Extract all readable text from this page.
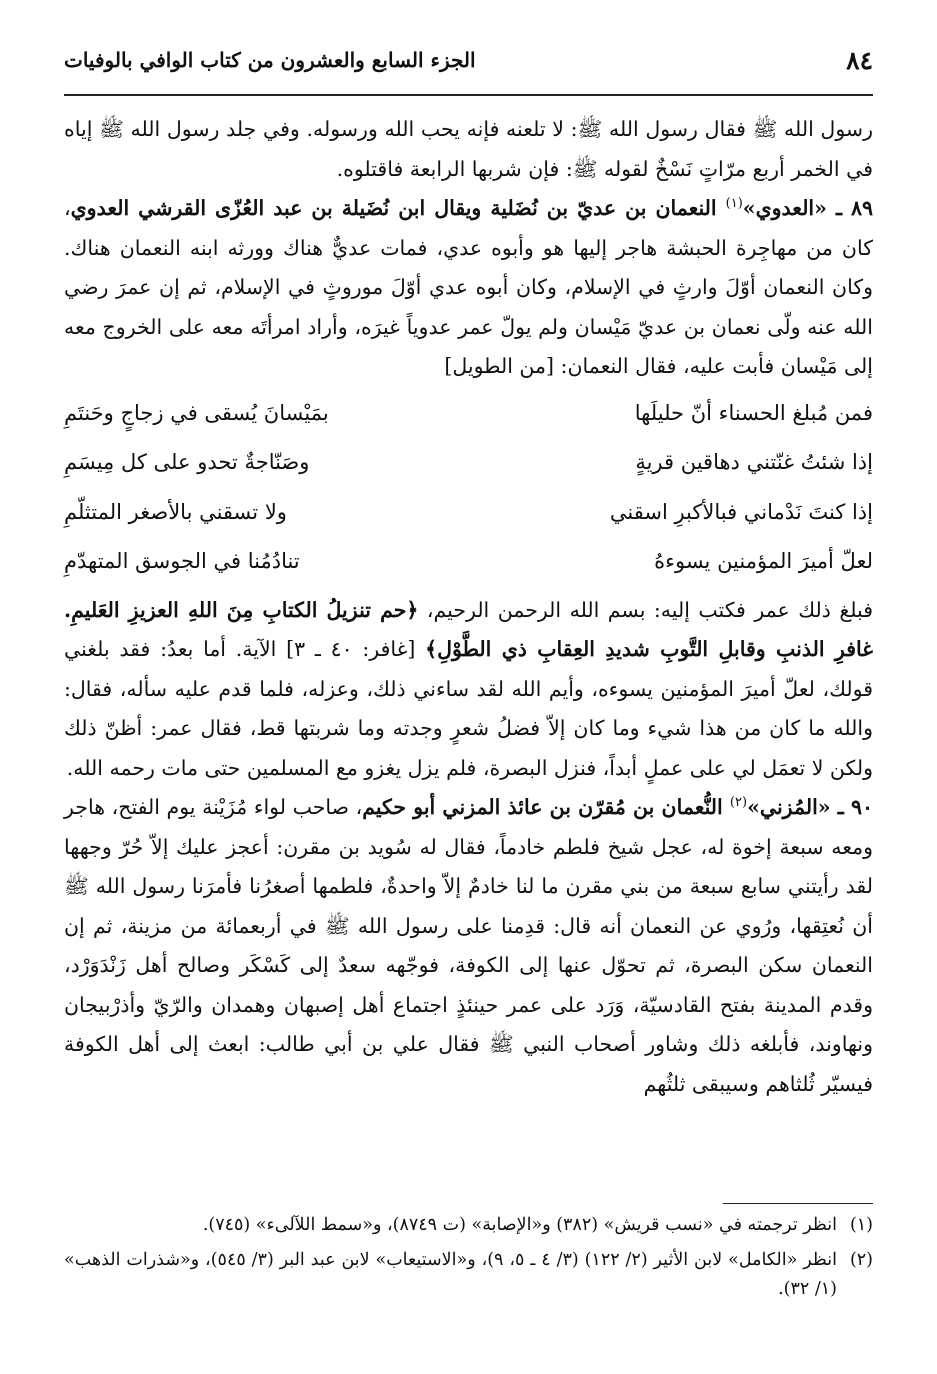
٨٤
الجزء السابع والعشرون من كتاب الوافي بالوفيات

رسول الله ﷺ فقال رسول الله ﷺ: لا تلعنه فإنه يحب الله ورسوله. وفي جلد رسول الله ﷺ إياه في الخمر أربع مرّاتٍ نَسْخٌ لقوله ﷺ: فإن شربها الرابعة فاقتلوه.

٨٩ ـ «العدوي»$^{(١)}$ النعمان بن عديّ بن نُضَلية ويقال ابن نُضَيلة بن عبد العُزّى القرشي العدوي، كان من مهاجِرة الحبشة هاجر إليها هو وأبوه عدي، فمات عديٌّ هناك وورثه ابنه النعمان هناك. وكان النعمان أوّلَ وارثٍ في الإسلام، وكان أبوه عدي أوّلَ موروثٍ في الإسلام، ثم إن عمرَ رضي الله عنه ولّى نعمان بن عديّ مَيْسان ولم يولّ عمر عدوياً غيرَه، وأراد امرأتَه معه على الخروج معه إلى مَيْسان فأبت عليه، فقال النعمان: [من الطويل]

فمن مُبلغ الحسناء أنّ حليلَها
بمَيْسانَ يُسقى في زجاجٍ وحَنتَمِ
إذا شئتُ غنّتني دهاقين قريةٍ
وصَنّاجةٌ تحدو على كل مِيسَمِ
إذا كنتَ نَدْماني فبالأكبرِ اسقني
ولا تسقني بالأصغر المتثلّمِ
لعلّ أميرَ المؤمنين يسوءهُ
تنادُمُنا في الجوسق المتهدّمِ

فبلغ ذلك عمر فكتب إليه: بسم الله الرحمن الرحيم، ﴿حم تنزيلُ الكتابِ مِنَ اللهِ العزيزِ العَليمِ. غافرِ الذنبِ وقابلِ التَّوبِ شديدِ العِقابِ ذي الطَّوْلِ﴾ [غافر: ٤٠ ـ ٣] الآية. أما بعدُ: فقد بلغني قولك، لعلّ أميرَ المؤمنين يسوءه، وأيم الله لقد ساءني ذلك، وعزله، فلما قدم عليه سأله، فقال: والله ما كان من هذا شيء وما كان إلاّ فضلُ شعرٍ وجدته وما شربتها قط، فقال عمر: أظنّ ذلك ولكن لا تعمَل لي على عملٍ أبداً، فنزل البصرة، فلم يزل يغزو مع المسلمين حتى مات رحمه الله.

٩٠ ـ «المُزني»$^{(٢)}$ النُّعمان بن مُقرّن بن عائذ المزني أبو حكيم، صاحب لواء مُزَيْنة يوم الفتح، هاجر ومعه سبعة إخوة له، عجل شيخ فلطم خادماً، فقال له سُويد بن مقرن: أعجز عليك إلاّ حُرّ وجهها لقد رأيتني سابع سبعة من بني مقرن ما لنا خادمٌ إلاّ واحدةٌ، فلطمها أصغرُنا فأمرَنا رسول الله ﷺ أن نُعتِقها، ورُوي عن النعمان أنه قال: قدِمنا على رسول الله ﷺ في أربعمائة من مزينة، ثم إن النعمان سكن البصرة، ثم تحوّل عنها إلى الكوفة، فوجّهه سعدٌ إلى كَسْكَر وصالح أهل زَنْدَوَرْد، وقدم المدينة بفتح القادسيّة، وَرَد على عمر حينئذٍ اجتماع أهل إصبهان وهمدان والرّيّ وأذرْبيجان ونهاوند، فأبلغه ذلك وشاور أصحاب النبي ﷺ فقال علي بن أبي طالب: ابعث إلى أهل الكوفة فيسيّر ثُلثاهم وسيبقى ثلثُهم

(١)
انظر ترجمته في «نسب قريش» (٣٨٢) و«الإصابة» (ت ٨٧٤٩)، و«سمط اللآلىء» (٧٤٥).
(٢)
انظر «الكامل» لابن الأثير (٢/ ١٢٢) (٣/ ٤ ـ ٥، ٩)، و«الاستيعاب» لابن عبد البر (٣/ ٥٤٥)، و«شذرات الذهب» (١/ ٣٢).
